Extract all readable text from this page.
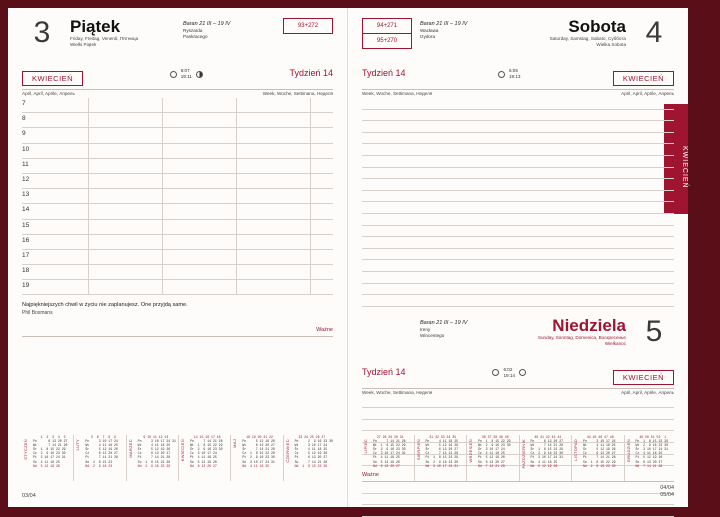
3	Piątek
Friday, Freitag, Venerdi, Пятница
Wielki Piątek
Baran 21 III – 19 IV
Ryszarda
Pankracego
93+272
KWIECIEŃ
6:07
19:11	Tydzień 14
April, April, Aprile, Апрель	Week, Woche, Settimana, Неделя
7
8
9
10
11
12
13
14
15
16
17
18
19
Najpiękniejszych chwil w życiu nie zaplanujesz. One przyjdą same.
Phil Bosmans
Ważne
STYCZEŃ
1  2  3  4  5
Pn      6 13 20 27
Wt      7 14 21 28
Śr  1  8 15 22 29
Cz  2  9 16 23 30
Pt  3 10 17 24 31
So  4 11 18 25
Nd  5 12 19 26
LUTY
5  6  7  8  9
Pn     3 10 17 24
Wt     4 11 18 25
Śr     5 12 19 26
Cz     6 13 20 27
Pt     7 14 21 28
So  1  8 15 22
Nd  2  9 16 23
MARZEC
9 10 11 12 13
Pn     3 10 17 24 31
Wt     4 11 18 25
Śr     5 12 19 26
Cz     6 13 20 27
Pt     7 14 21 28
So  1  8 15 22 29
Nd  2  9 16 23 30
KWIECIEŃ
14 15 16 17 18
Pn     7 14 21 28
Wt  1  8 15 22 29
Śr  2  9 16 23 30
Cz  3 10 17 24
Pt  4 11 18 25
So  5 12 19 26
Nd  6 13 20 27
MAJ
18 19 20 21 22
Pn     5 12 19 26
Wt     6 13 20 27
Śr     7 14 21 28
Cz  1  8 15 22 29
Pt  2  9 16 23 30
So  3 10 17 24 31
Nd  4 11 18 25
CZERWIEC
23 24 25 26 27
Pn     2  9 16 23 30
Wt     3 10 17 24
Śr     4 11 18 25
Cz     5 12 19 26
Pt     6 13 20 27
So     7 14 21 28
Nd  1  8 15 22 29
03/04
KWIECIEŃ
94+271
95+270
Baran 21 III – 19 IV
Wacława
Izydora
Sobota
Saturday, Samstag, Sabato, Суббота
Wielka Sobota 4
Tydzień 14	6:05
19:13	KWIECIEŃ
Week, Woche, Settimana, Неделя	April, April, Aprile, Апрель
Baran 21 III – 19 IV
Ireny
Wincentego
Niedziela
Sunday, Sonntag, Domenica, Воскресенье
Wielkanoc 5
Tydzień 14	6:02
19:14	KWIECIEŃ
Week, Woche, Settimana, Неделя	April, April, Aprile, Апрель
Ważne
LIPIEC
27 28 29 30 31
Pn     7 14 21 28
Wt  1  8 15 22 29
Śr  2  9 16 23 30
Cz  3 10 17 24 31
Pt  4 11 18 25
So  5 12 19 26
Nd  6 13 20 27
SIERPIEŃ
31 32 33 34 35
Pn     4 11 18 25
Wt     5 12 19 26
Śr     6 13 20 27
Cz     7 14 21 28
Pt  1  8 15 22 29
So  2  9 16 23 30
Nd  3 10 17 24 31
WRZESIEŃ
36 37 38 39 40
Pn  1  8 15 22 29
Wt  2  9 16 23 30
Śr  3 10 17 24
Cz  4 11 18 25
Pt  5 12 19 26
So  6 13 20 27
Nd  7 14 21 28	PAŹDZIERNIK
40 41 42 43 44
Pn     6 13 20 27
Wt     7 14 21 28
Śr  1  8 15 22 29
Cz  2  9 16 23 30
Pt  3 10 17 24 31
So  4 11 18 25
Nd  5 12 19 26
LISTOPAD
44 45 46 47 48
Pn     3 10 17 24
Wt     4 11 18 25
Śr     5 12 19 26
Cz     6 13 20 27
Pt     7 14 21 28
So  1  8 15 22 29
Nd  2  9 16 23 30
GRUDZIEŃ
49 50 51 52  1
Pn  1  8 15 22 29
Wt  2  9 16 23 30
Śr  3 10 17 24 31
Cz  4 11 18 25
Pt  5 12 19 26
So  6 13 20 27
Nd  7 14 21 28
04/04
05/04
